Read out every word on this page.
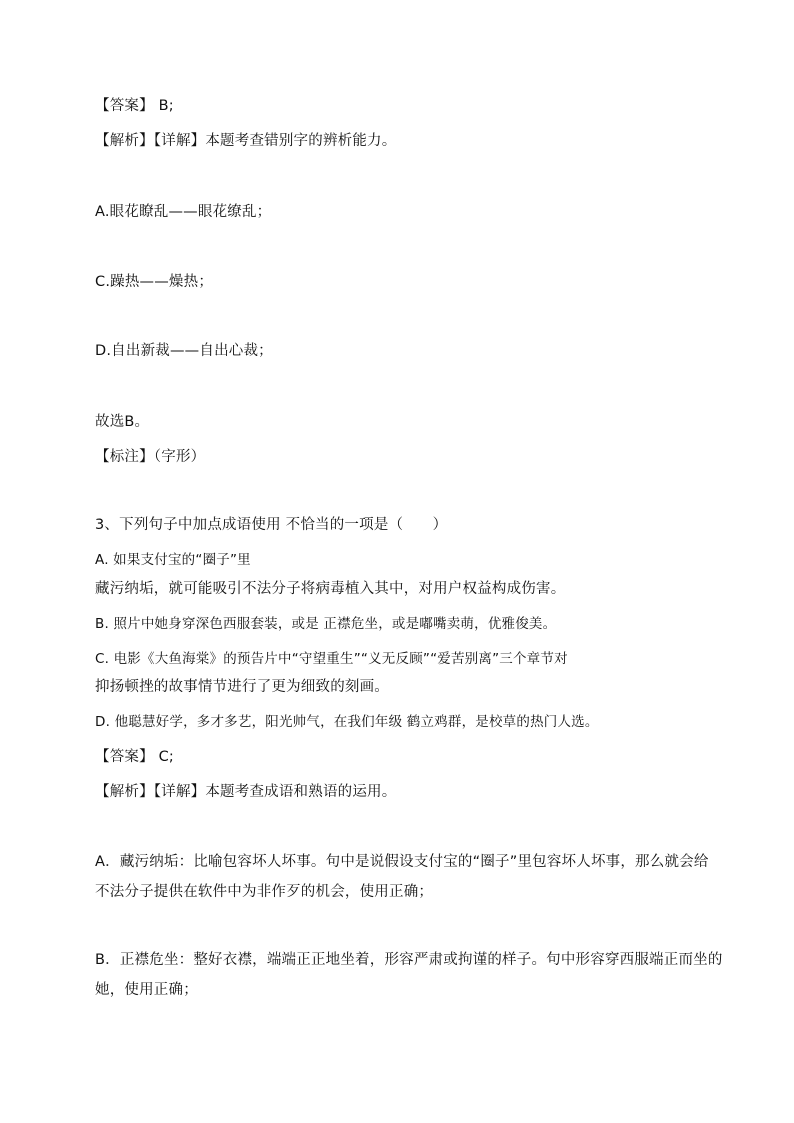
【答案】 B;

【解析】【详解】本题考查错别字的辨析能力。

A.眼花瞭乱——眼花缭乱；

C.躁热——燥热；

D.自出新裁——自出心裁；

故选B。

【标注】（字形）

3、下列句子中加点成语使用 不恰当的一项是（　　）

A. 如果支付宝的“圈子”里

藏污纳垢，就可能吸引不法分子将病毒植入其中，对用户权益构成伤害。

B. 照片中她身穿深色西服套装，或是 正襟危坐，或是嘟嘴卖萌，优雅俊美。

C. 电影《大鱼海棠》的预告片中“守望重生”“义无反顾”“爱苦别离”三个章节对

抑扬顿挫的故事情节进行了更为细致的刻画。

D. 他聪慧好学，多才多艺，阳光帅气，在我们年级 鹤立鸡群，是校草的热门人选。

【答案】 C;

【解析】【详解】本题考查成语和熟语的运用。

A．藏污纳垢：比喻包容坏人坏事。句中是说假设支付宝的“圈子”里包容坏人坏事，那么就会给

不法分子提供在软件中为非作歹的机会，使用正确；

B．正襟危坐：整好衣襟，端端正正地坐着，形容严肃或拘谨的样子。句中形容穿西服端正而坐的

她，使用正确；
